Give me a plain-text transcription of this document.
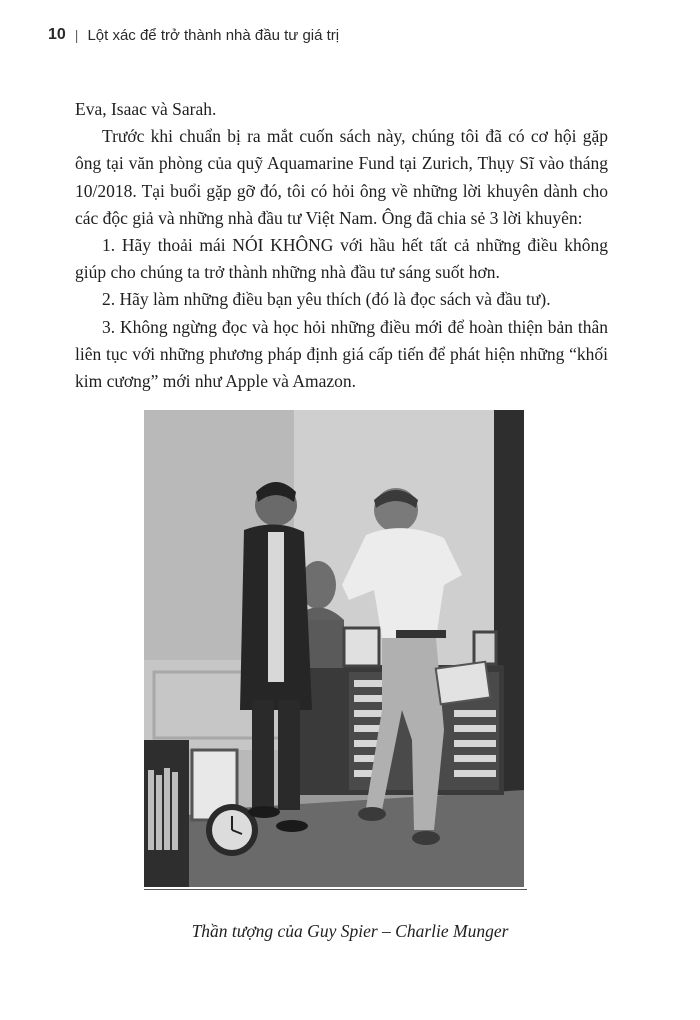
10 | Lột xác để trở thành nhà đầu tư giá trị

Eva, Isaac và Sarah.

Trước khi chuẩn bị ra mắt cuốn sách này, chúng tôi đã có cơ hội gặp ông tại văn phòng của quỹ Aquamarine Fund tại Zurich, Thụy Sĩ vào tháng 10/2018. Tại buổi gặp gỡ đó, tôi có hỏi ông về những lời khuyên dành cho các độc giả và những nhà đầu tư Việt Nam. Ông đã chia sẻ 3 lời khuyên:

1. Hãy thoải mái NÓI KHÔNG với hầu hết tất cả những điều không giúp cho chúng ta trở thành những nhà đầu tư sáng suốt hơn.

2. Hãy làm những điều bạn yêu thích (đó là đọc sách và đầu tư).

3. Không ngừng đọc và học hỏi những điều mới để hoàn thiện bản thân liên tục với những phương pháp định giá cấp tiến để phát hiện những “khối kim cương” mới như Apple và Amazon.

Thần tượng của Guy Spier – Charlie Munger
